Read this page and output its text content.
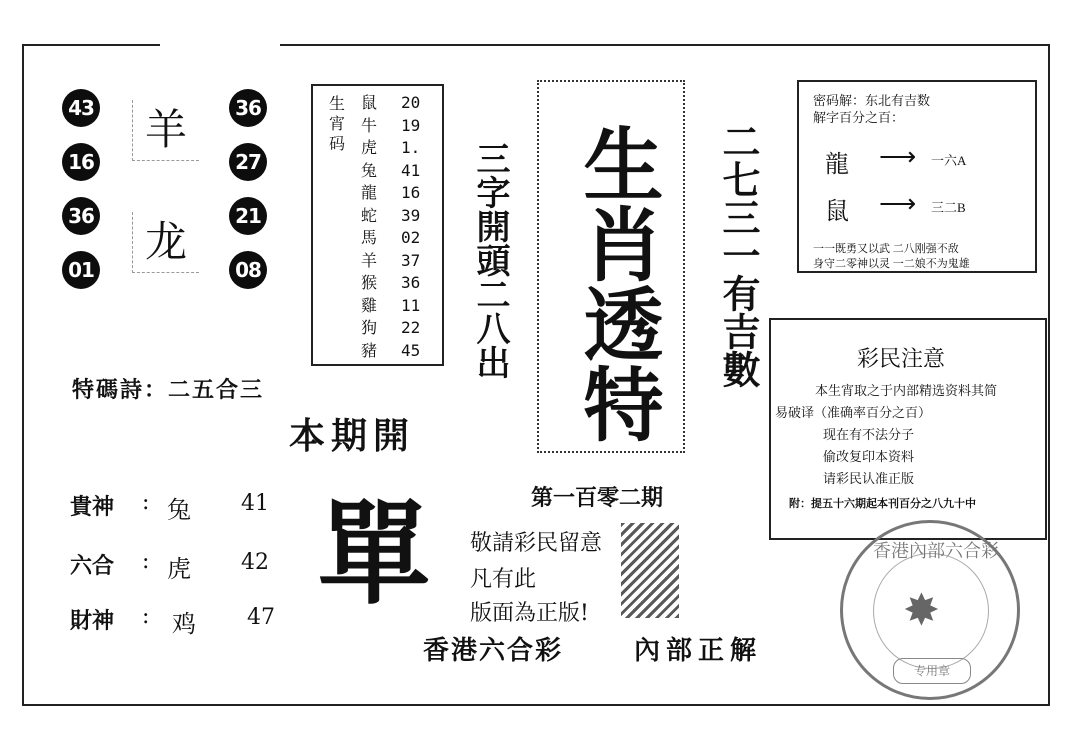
43
16
36
01
羊
龙
36
27
21
08
生宵码
鼠
牛
虎
兔
龍
蛇
馬
羊
猴
雞
狗
豬
20
19
1.
41
16
39
02
37
36
11
22
45 三字開頭二八出 生肖透特 二七三一有吉數
密码解：东北有吉数
解字百分之百：
龍 ⟶ 一六A
鼠 ⟶ 三二B
一一既勇又以武 二八刚强不敌
身守二零神以灵 一二娘不为鬼雄
彩民注意
本生宵取之于内部精选资料其简
易破译（准确率百分之百）
现在有不法分子
偷改复印本资料
请彩民认准正版
附：提五十六期起本刊百分之八九十中
特碼詩：二五合三
本期開
單
貴神 : 兔 41
六合 : 虎 42
財神 : 鸡 47
第一百零二期
敬請彩民留意
凡有此
版面為正版!
香港六合彩	內部正解
香港內部六合彩
✸
专用章
